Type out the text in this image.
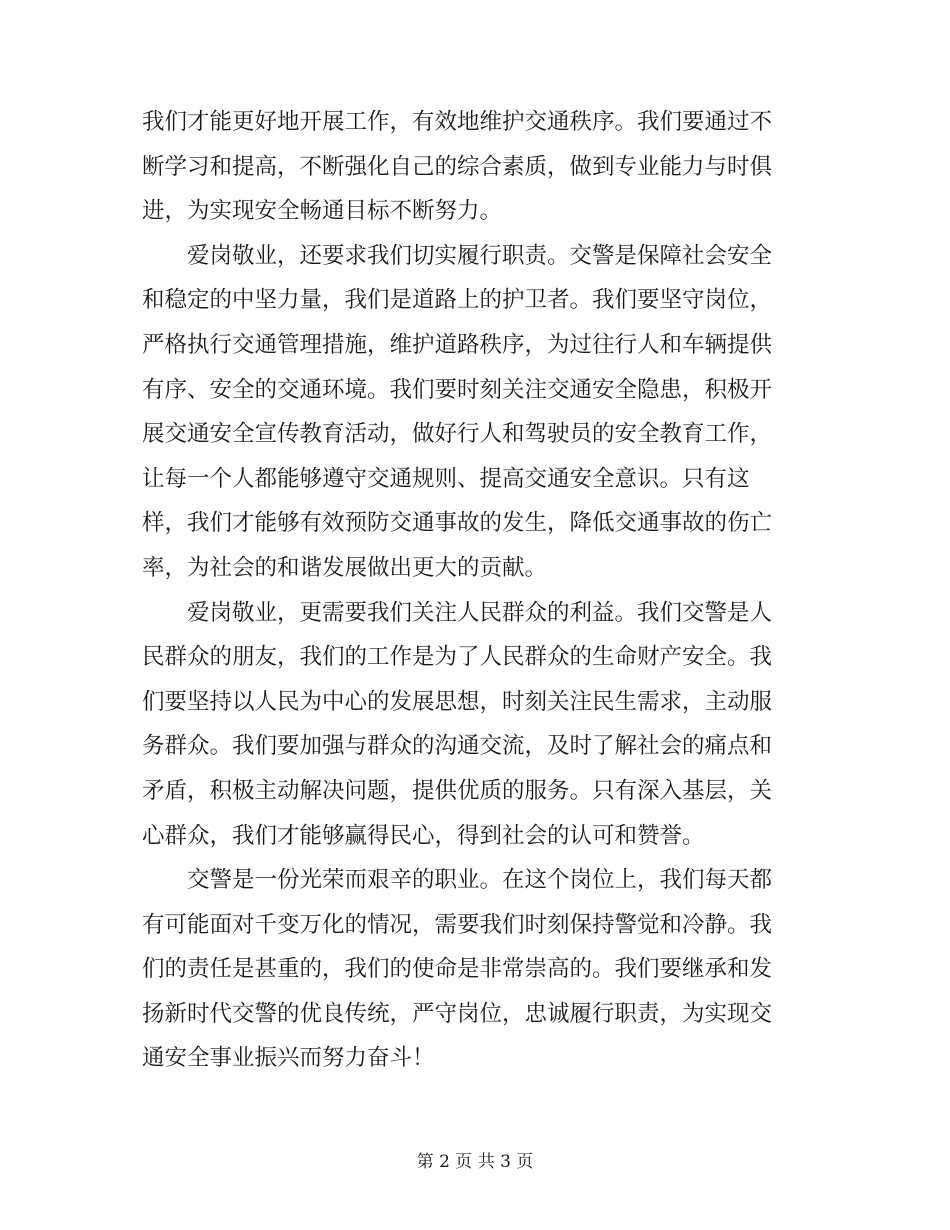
我们才能更好地开展工作，有效地维护交通秩序。我们要通过不
断学习和提高，不断强化自己的综合素质，做到专业能力与时俱
进，为实现安全畅通目标不断努力。
爱岗敬业，还要求我们切实履行职责。交警是保障社会安全
和稳定的中坚力量，我们是道路上的护卫者。我们要坚守岗位，
严格执行交通管理措施，维护道路秩序，为过往行人和车辆提供
有序、安全的交通环境。我们要时刻关注交通安全隐患，积极开
展交通安全宣传教育活动，做好行人和驾驶员的安全教育工作，
让每一个人都能够遵守交通规则、提高交通安全意识。只有这
样，我们才能够有效预防交通事故的发生，降低交通事故的伤亡
率，为社会的和谐发展做出更大的贡献。
爱岗敬业，更需要我们关注人民群众的利益。我们交警是人
民群众的朋友，我们的工作是为了人民群众的生命财产安全。我
们要坚持以人民为中心的发展思想，时刻关注民生需求，主动服
务群众。我们要加强与群众的沟通交流，及时了解社会的痛点和
矛盾，积极主动解决问题，提供优质的服务。只有深入基层，关
心群众，我们才能够赢得民心，得到社会的认可和赞誉。
交警是一份光荣而艰辛的职业。在这个岗位上，我们每天都
有可能面对千变万化的情况，需要我们时刻保持警觉和冷静。我
们的责任是甚重的，我们的使命是非常崇高的。我们要继承和发
扬新时代交警的优良传统，严守岗位，忠诚履行职责，为实现交
通安全事业振兴而努力奋斗！
第 2 页 共 3 页
